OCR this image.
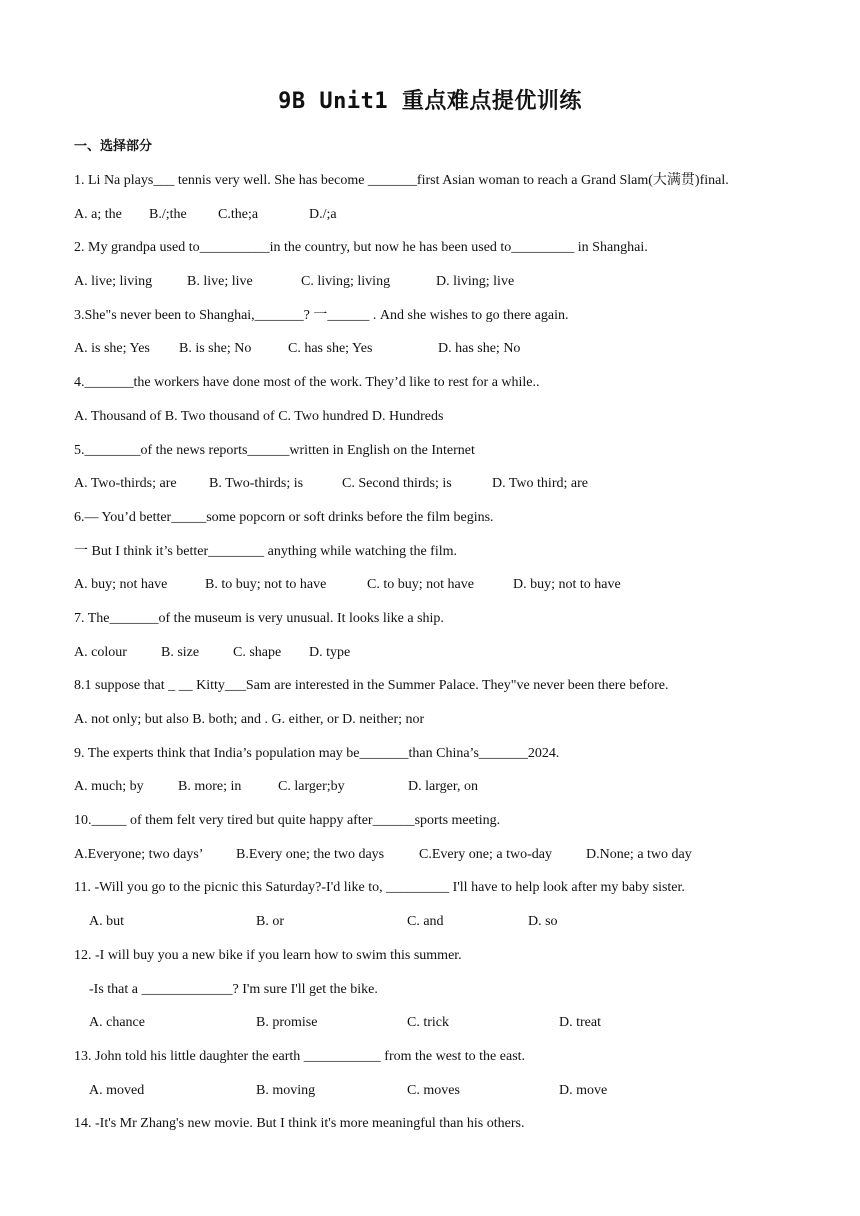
9B Unit1 重点难点提优训练
一、选择部分
1. Li Na plays___ tennis very well. She has become _______first Asian woman to reach a Grand Slam(大满贯)final.
A. a; the B./;the C.the;a	D./;a
2. My grandpa used to__________in the country, but now he has been used to_________ in Shanghai.
A. live; living B. live; live	C. living; living	D. living; live
3.She"s never been to Shanghai,_______? 一______ . And she wishes to go there again.
A. is she; Yes B. is she; No	C. has she; Yes	D. has she; No
4._______the workers have done most of the work. They’d like to rest for a while..
A. Thousand of B. Two thousand of C. Two hundred D. Hundreds
5.________of the news reports______written in English on the Internet
A. Two-thirds; are B. Two-thirds; is	C. Second thirds; is	D. Two third; are
6.— You’d better_____some popcorn or soft drinks before the film begins.
一 But I think it’s better________ anything while watching the film.
A. buy; not have	B. to buy; not to have	C. to buy; not have	D. buy; not to have
7. The_______of the museum is very unusual. It looks like a ship.
A. colour B. size C. shape D. type
8.1 suppose that _ __ Kitty___Sam are interested in the Summer Palace. They"ve never been there before.
A. not only; but also B. both; and . G. either, or D. neither; nor
9. The experts think that India’s population may be_______than China’s_______2024.
A. much; by B. more; in	C. larger;by	D. larger, on
10._____ of them felt very tired but quite happy after______sports meeting.
A.Everyone; two days’ B.Every one; the two days C.Every one; a two-day D.None; a two day
11. -Will you go to the picnic this Saturday?-I'd like to, _________ I'll have to help look after my baby sister.
A. but	B. or	C. and	D. so
12. -I will buy you a new bike if you learn how to swim this summer.
-Is that a _____________? I'm sure I'll get the bike.
A. chance	B. promise	C. trick	D. treat
13. John told his little daughter the earth ___________ from the west to the east.
A. moved	B. moving	C. moves	D. move
14. -It's Mr Zhang's new movie. But I think it's more meaningful than his others.
